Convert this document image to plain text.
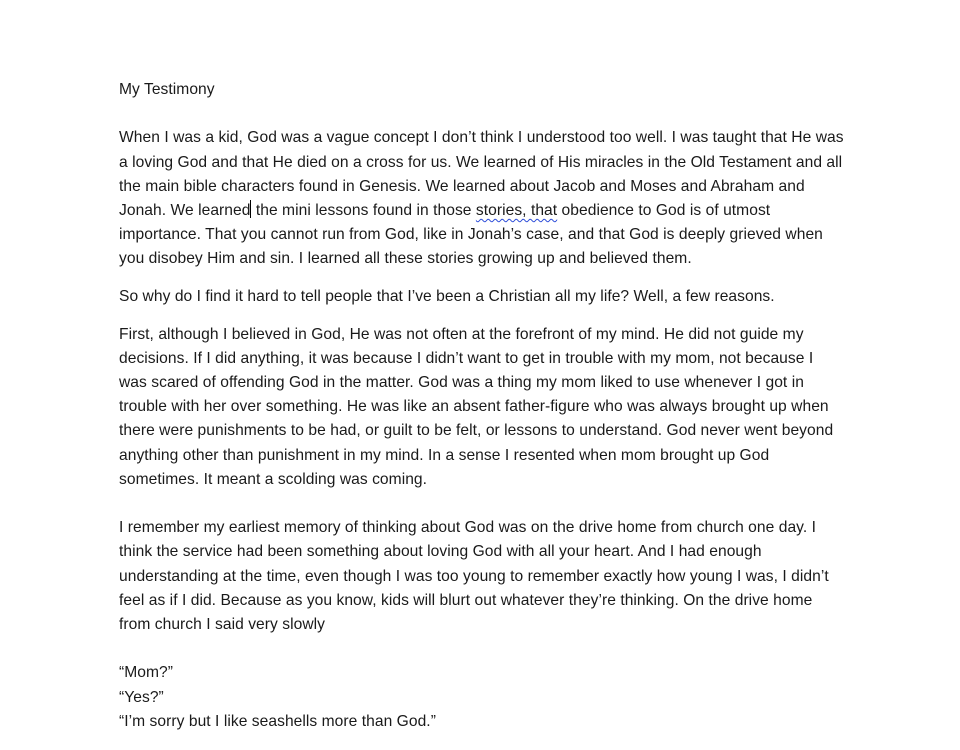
My Testimony

When I was a kid, God was a vague concept I don’t think I understood too well. I was taught that He was
a loving God and that He died on a cross for us. We learned of His miracles in the Old Testament and all
the main bible characters found in Genesis. We learned about Jacob and Moses and Abraham and
Jonah. We learned the mini lessons found in those stories, that obedience to God is of utmost
importance. That you cannot run from God, like in Jonah’s case, and that God is deeply grieved when
you disobey Him and sin. I learned all these stories growing up and believed them.

So why do I find it hard to tell people that I’ve been a Christian all my life? Well, a few reasons.

First, although I believed in God, He was not often at the forefront of my mind. He did not guide my
decisions. If I did anything, it was because I didn’t want to get in trouble with my mom, not because I
was scared of offending God in the matter. God was a thing my mom liked to use whenever I got in
trouble with her over something. He was like an absent father-figure who was always brought up when
there were punishments to be had, or guilt to be felt, or lessons to understand. God never went beyond
anything other than punishment in my mind. In a sense I resented when mom brought up God
sometimes. It meant a scolding was coming.

I remember my earliest memory of thinking about God was on the drive home from church one day. I
think the service had been something about loving God with all your heart. And I had enough
understanding at the time, even though I was too young to remember exactly how young I was, I didn’t
feel as if I did. Because as you know, kids will blurt out whatever they’re thinking. On the drive home
from church I said very slowly

“Mom?”
“Yes?”
“I’m sorry but I like seashells more than God.”
